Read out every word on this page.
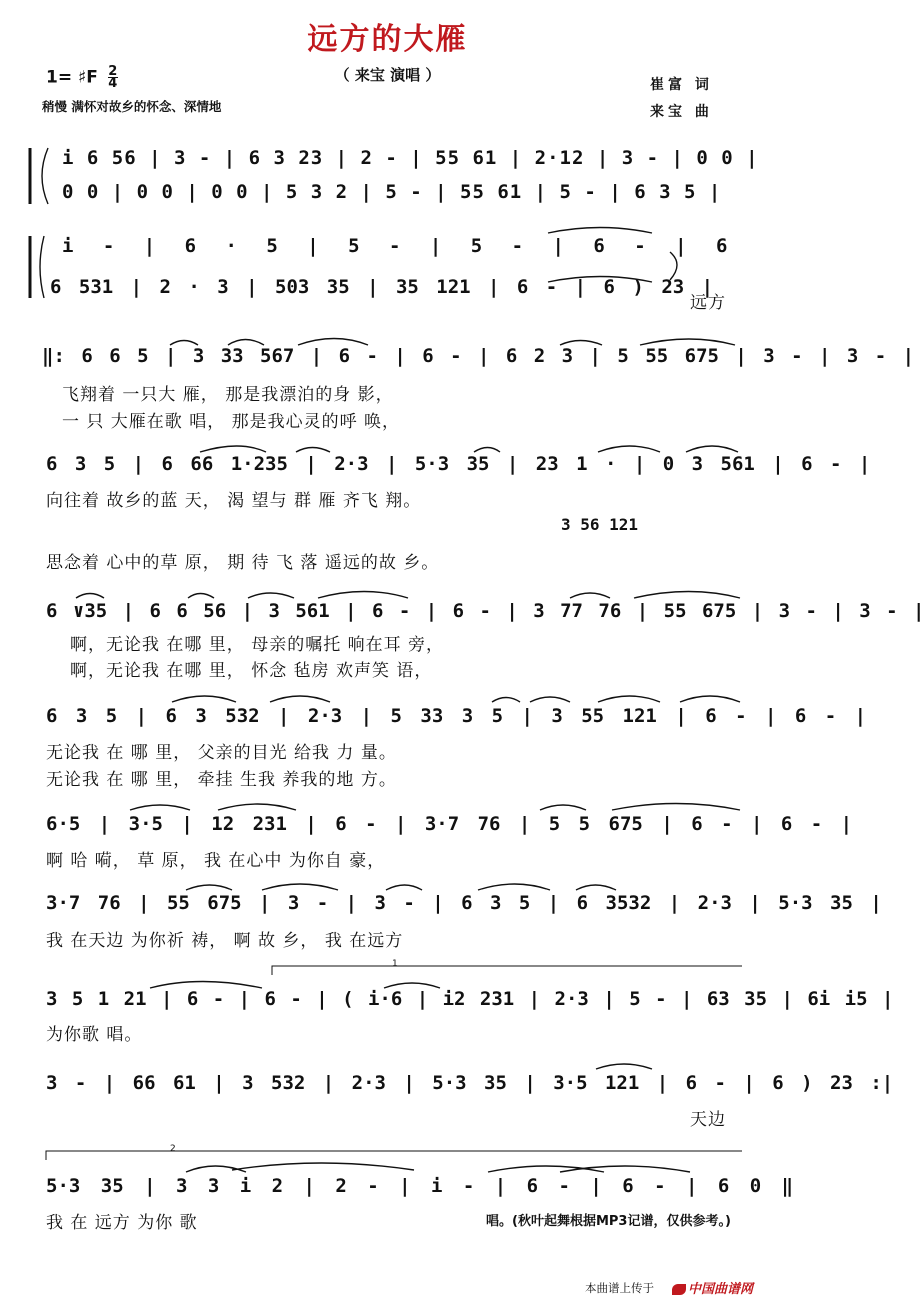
远方的大雁
（ 来宝 演唱 ）
1= ♯F $\frac{2}{4}$
稍慢 满怀对故乡的怀念、深情地
崔富 词
来宝 曲
i 6 56 | 3 - | 6 3 23 | 2 - | 55 61 | 2·12 | 3 - | 0 0 |
0 0 | 0 0 | 0 0 | 5 3 2 | 5 - | 55 61 | 5 - | 6 3 5 |
i - | 6 · 5 | 5 - | 5 - | 6 - | 6
6 531 | 2 · 3 | 503 35 | 35 121 | 6 - | 6 ) 23 |
远方
‖: 6 6 5 | 3 33 567 | 6 - | 6 - | 6 2 3 | 5 55 675 | 3 - | 3 - |
飞翔着 一只大 雁， 那是我漂泊的身 影，
一 只 大雁在歌 唱， 那是我心灵的呼 唤，
6 3 5 | 6 66 1·235 | 2·3 | 5·3 35 | 23 1 · | 0 3 561 | 6 - |
向往着 故乡的蓝 天， 渴 望与 群 雁 齐飞 翔。
3 56 121
思念着 心中的草 原， 期 待 飞 落 遥远的故 乡。
6 ∨35 | 6 6 56 | 3 561 | 6 - | 6 - | 3 77 76 | 55 675 | 3 - | 3 - |
啊，无论我 在哪 里， 母亲的嘱托 响在耳 旁，
啊，无论我 在哪 里， 怀念 毡房 欢声笑 语，
6 3 5 | 6 3 532 | 2·3 | 5 33 3 5 | 3 55 121 | 6 - | 6 - |
无论我 在 哪 里， 父亲的目光 给我 力 量。
无论我 在 哪 里， 牵挂 生我 养我的地 方。
6·5 | 3·5 | 12 231 | 6 - | 3·7 76 | 5 5 675 | 6 - | 6 - |
啊 哈 嗬， 草 原， 我 在心中 为你自 豪，
3·7 76 | 55 675 | 3 - | 3 - | 6 3 5 | 6 3532 | 2·3 | 5·3 35 |
我 在天边 为你祈 祷， 啊 故 乡， 我 在远方
3 5 1 21 | 6 - | 6 - | ( i·6 | i2 231 | 2·3 | 5 - | 63 35 | 6i i5 |
为你歌 唱。
3 - | 66 61 | 3 532 | 2·3 | 5·3 35 | 3·5 121 | 6 - | 6 ) 23 :|
天边
5·3 35 | 3 3 i 2 | 2 - | i - | 6 - | 6 - | 6 0 ‖
我 在 远方 为你 歌	唱。(秋叶起舞根据MP3记谱，仅供参考。)
1
2
本曲谱上传于	中国曲谱网
